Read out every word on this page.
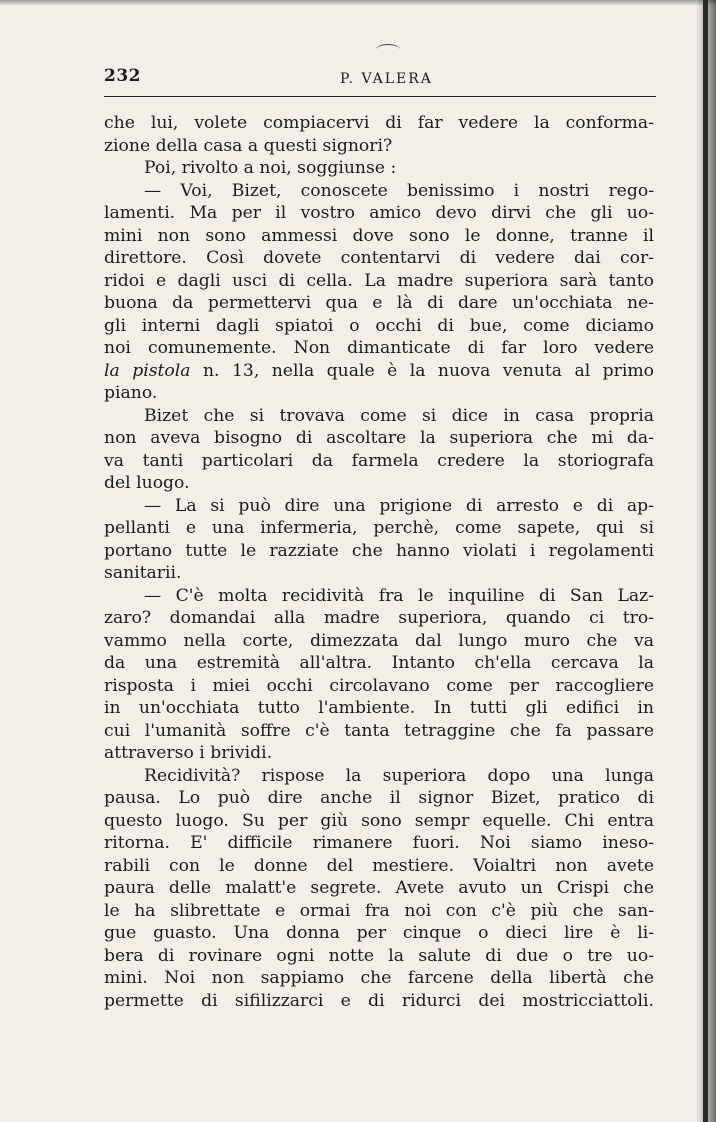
232	P. VALERA
che lui, volete compiacervi di far vedere la conforma-
zione della casa a questi signori?
Poi, rivolto a noi, soggiunse :
— Voi, Bizet, conoscete benissimo i nostri rego-
lamenti. Ma per il vostro amico devo dirvi che gli uo-
mini non sono ammessi dove sono le donne, tranne il
direttore. Così dovete contentarvi di vedere dai cor-
ridoi e dagli usci di cella. La madre superiora sarà tanto
buona da permettervi qua e là di dare un'occhiata ne-
gli interni dagli spiatoi o occhi di bue, come diciamo
noi comunemente. Non dimanticate di far loro vedere
la pistola n. 13, nella quale è la nuova venuta al primo
piano.
Bizet che si trovava come si dice in casa propria
non aveva bisogno di ascoltare la superiora che mi da-
va tanti particolari da farmela credere la storiografa
del luogo.
— La si può dire una prigione di arresto e di ap-
pellanti e una infermeria, perchè, come sapete, qui si
portano tutte le razziate che hanno violati i regolamenti
sanitarii.
— C'è molta recidività fra le inquiline di San Laz-
zaro? domandai alla madre superiora, quando ci tro-
vammo nella corte, dimezzata dal lungo muro che va
da una estremità all'altra. Intanto ch'ella cercava la
risposta i miei occhi circolavano come per raccogliere
in un'occhiata tutto l'ambiente. In tutti gli edifici in
cui l'umanità soffre c'è tanta tetraggine che fa passare
attraverso i brividi.
Recidività? rispose la superiora dopo una lunga
pausa. Lo può dire anche il signor Bizet, pratico di
questo luogo. Su per giù sono sempr equelle. Chi entra
ritorna. E' difficile rimanere fuori. Noi siamo ineso-
rabili con le donne del mestiere. Voialtri non avete
paura delle malatt'e segrete. Avete avuto un Crispi che
le ha slibrettate e ormai fra noi con c'è più che san-
gue guasto. Una donna per cinque o dieci lire è li-
bera di rovinare ogni notte la salute di due o tre uo-
mini. Noi non sappiamo che farcene della libertà che
permette di sifilizzarci e di ridurci dei mostricciattoli.
